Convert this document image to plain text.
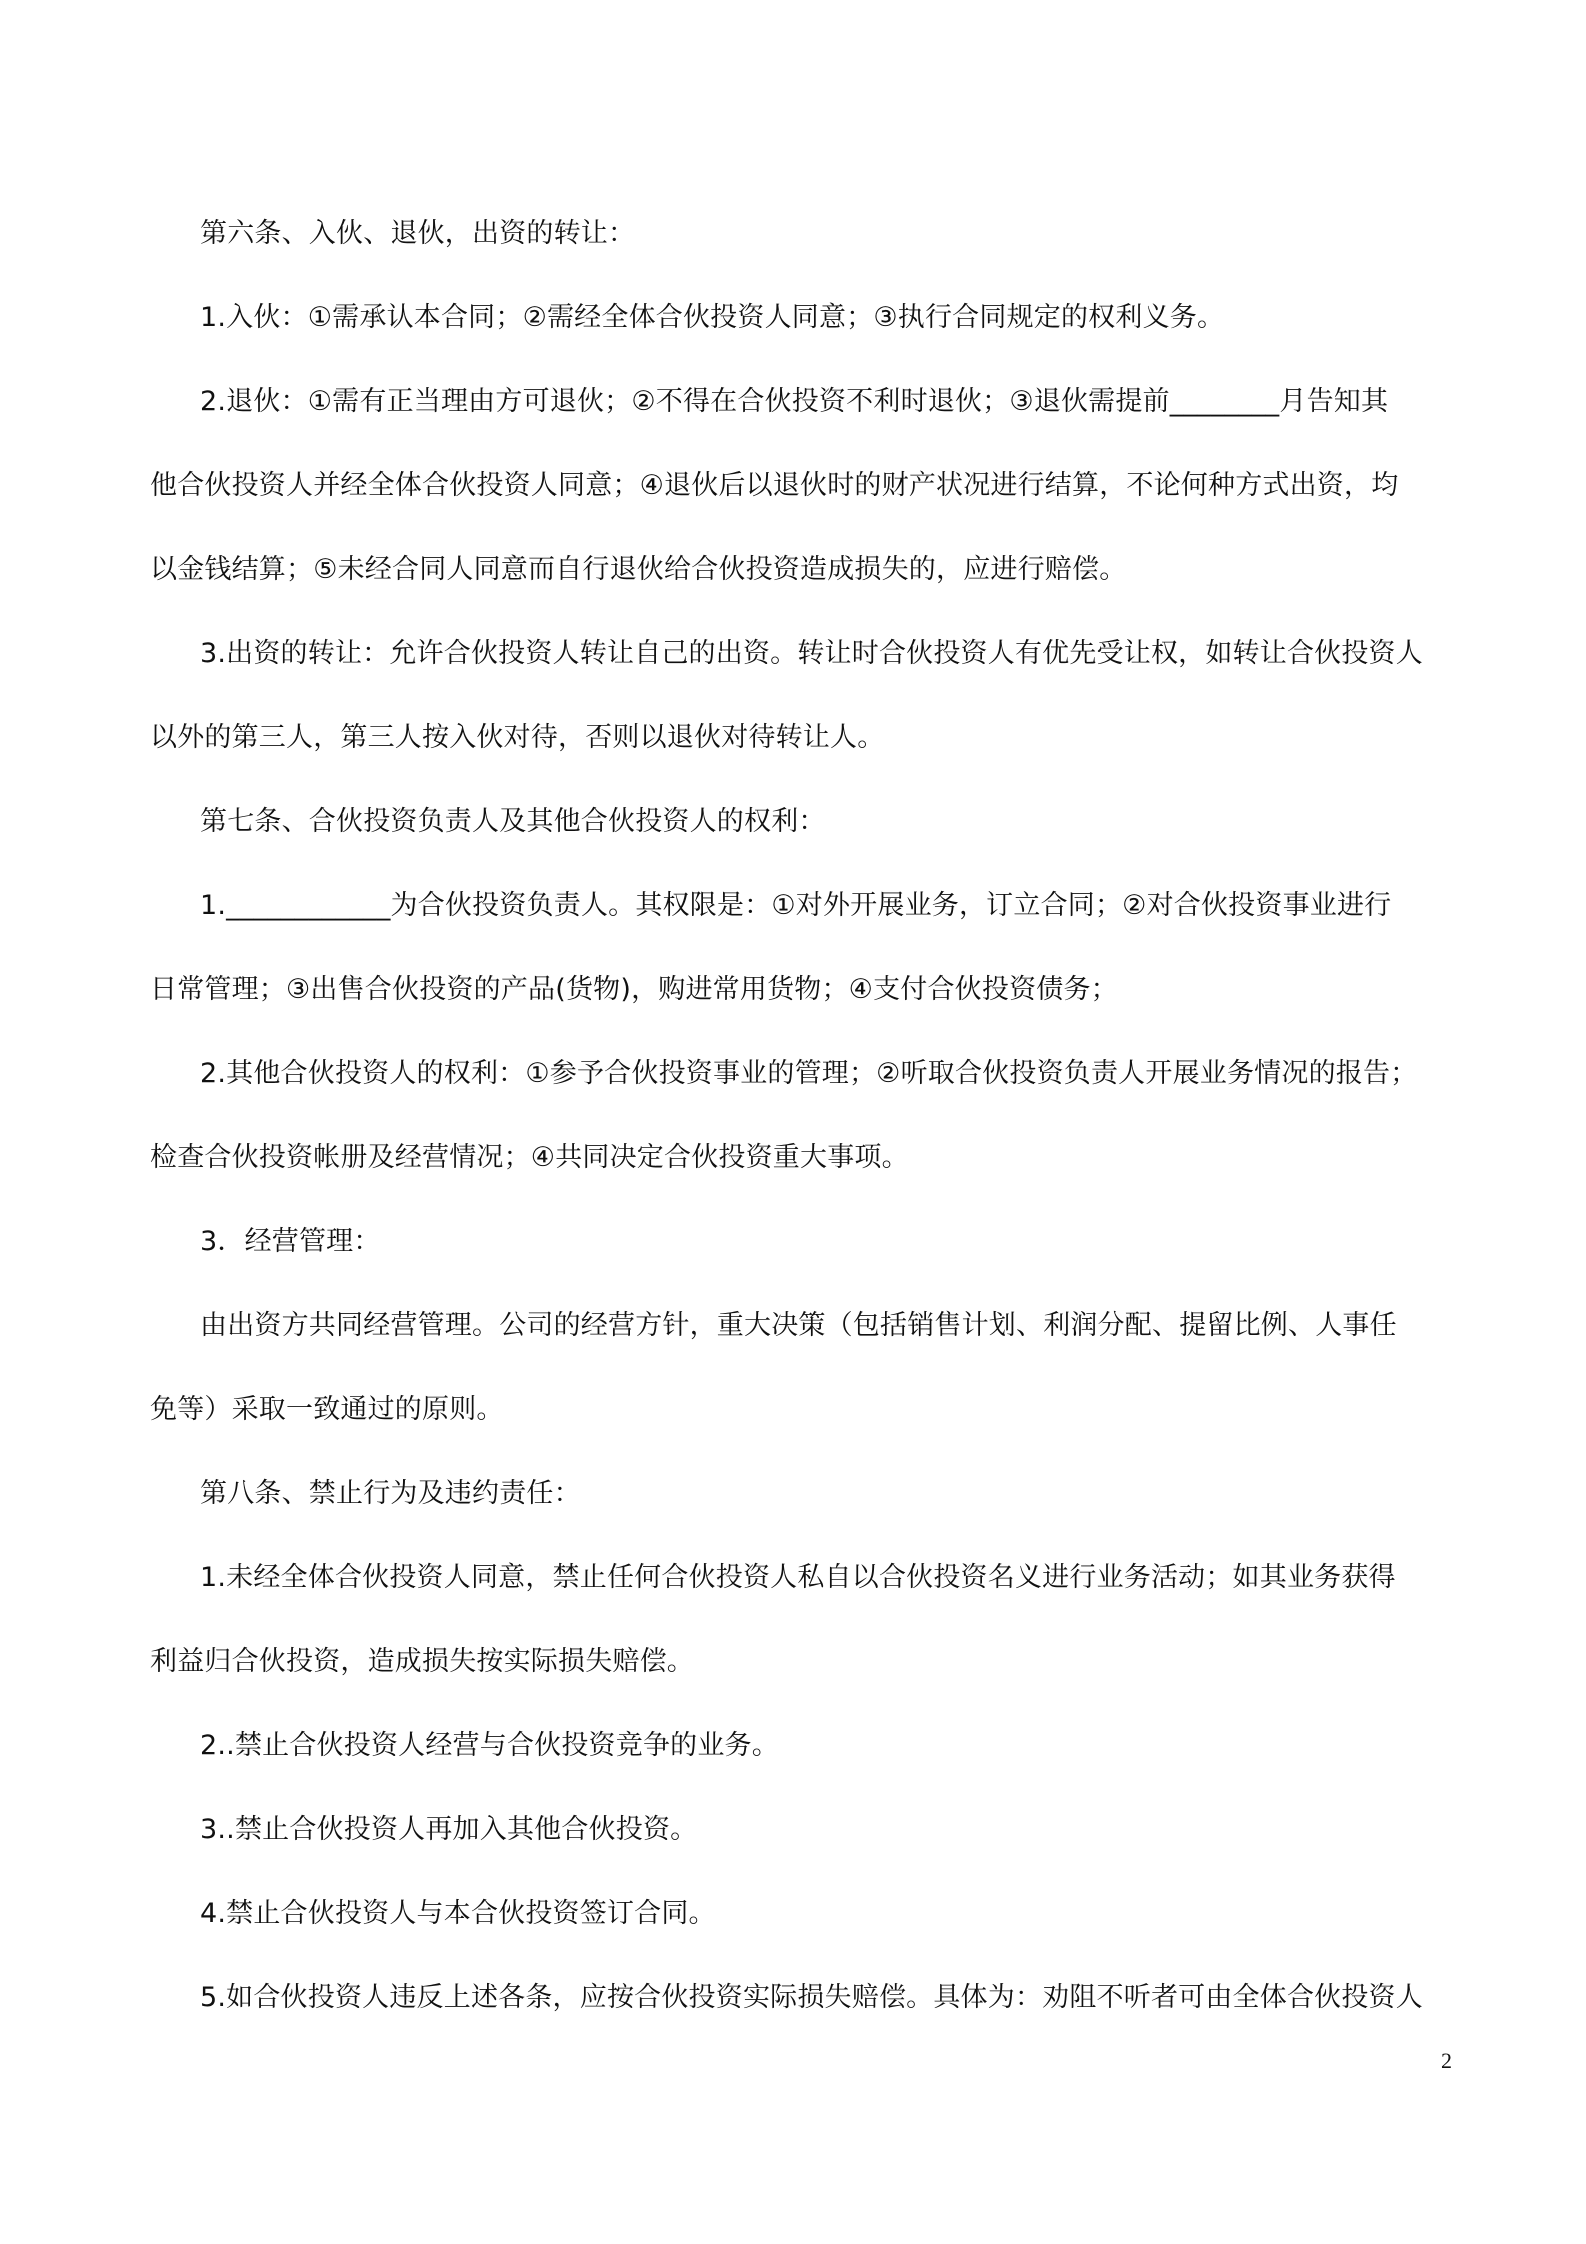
第六条、入伙、退伙，出资的转让：
1.入伙：①需承认本合同；②需经全体合伙投资人同意；③执行合同规定的权利义务。
2.退伙：①需有正当理由方可退伙；②不得在合伙投资不利时退伙；③退伙需提前________月告知其
他合伙投资人并经全体合伙投资人同意；④退伙后以退伙时的财产状况进行结算，不论何种方式出资，均
以金钱结算；⑤未经合同人同意而自行退伙给合伙投资造成损失的，应进行赔偿。
3.出资的转让：允许合伙投资人转让自己的出资。转让时合伙投资人有优先受让权，如转让合伙投资人
以外的第三人，第三人按入伙对待，否则以退伙对待转让人。
第七条、合伙投资负责人及其他合伙投资人的权利：
1.____________为合伙投资负责人。其权限是：①对外开展业务，订立合同；②对合伙投资事业进行
日常管理；③出售合伙投资的产品(货物)，购进常用货物；④支付合伙投资债务；
2.其他合伙投资人的权利：①参予合伙投资事业的管理；②听取合伙投资负责人开展业务情况的报告；
检查合伙投资帐册及经营情况；④共同决定合伙投资重大事项。
3．经营管理：
由出资方共同经营管理。公司的经营方针，重大决策（包括销售计划、利润分配、提留比例、人事任
免等）采取一致通过的原则。
第八条、禁止行为及违约责任：
1.未经全体合伙投资人同意，禁止任何合伙投资人私自以合伙投资名义进行业务活动；如其业务获得
利益归合伙投资，造成损失按实际损失赔偿。
2..禁止合伙投资人经营与合伙投资竞争的业务。
3..禁止合伙投资人再加入其他合伙投资。
4.禁止合伙投资人与本合伙投资签订合同。
5.如合伙投资人违反上述各条，应按合伙投资实际损失赔偿。具体为：劝阻不听者可由全体合伙投资人
2
